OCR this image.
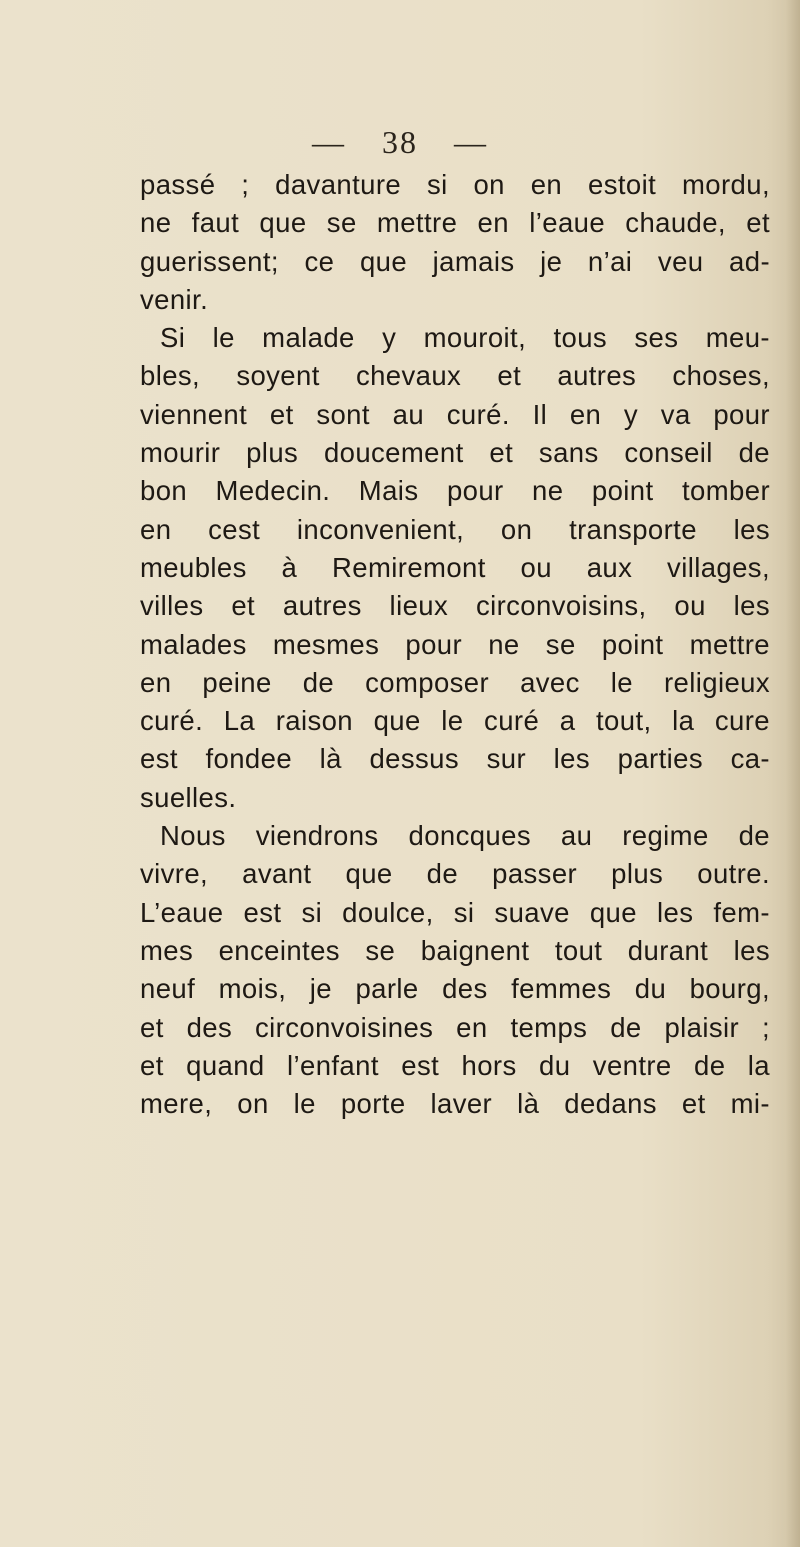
— 38 —
passé ; davanture si on en estoit mordu,
ne faut que se mettre en l’eaue chaude, et
guerissent; ce que jamais je n’ai veu ad-
venir.
Si le malade y mouroit, tous ses meu-
bles, soyent chevaux et autres choses,
viennent et sont au curé. Il en y va pour
mourir plus doucement et sans conseil de
bon Medecin. Mais pour ne point tomber
en cest inconvenient, on transporte les
meubles à Remiremont ou aux villages,
villes et autres lieux circonvoisins, ou les
malades mesmes pour ne se point mettre
en peine de composer avec le religieux
curé. La raison que le curé a tout, la cure
est fondee là dessus sur les parties ca-
suelles.
Nous viendrons doncques au regime de
vivre, avant que de passer plus outre.
L’eaue est si doulce, si suave que les fem-
mes enceintes se baignent tout durant les
neuf mois, je parle des femmes du bourg,
et des circonvoisines en temps de plaisir ;
et quand l’enfant est hors du ventre de la
mere, on le porte laver là dedans et mi-
